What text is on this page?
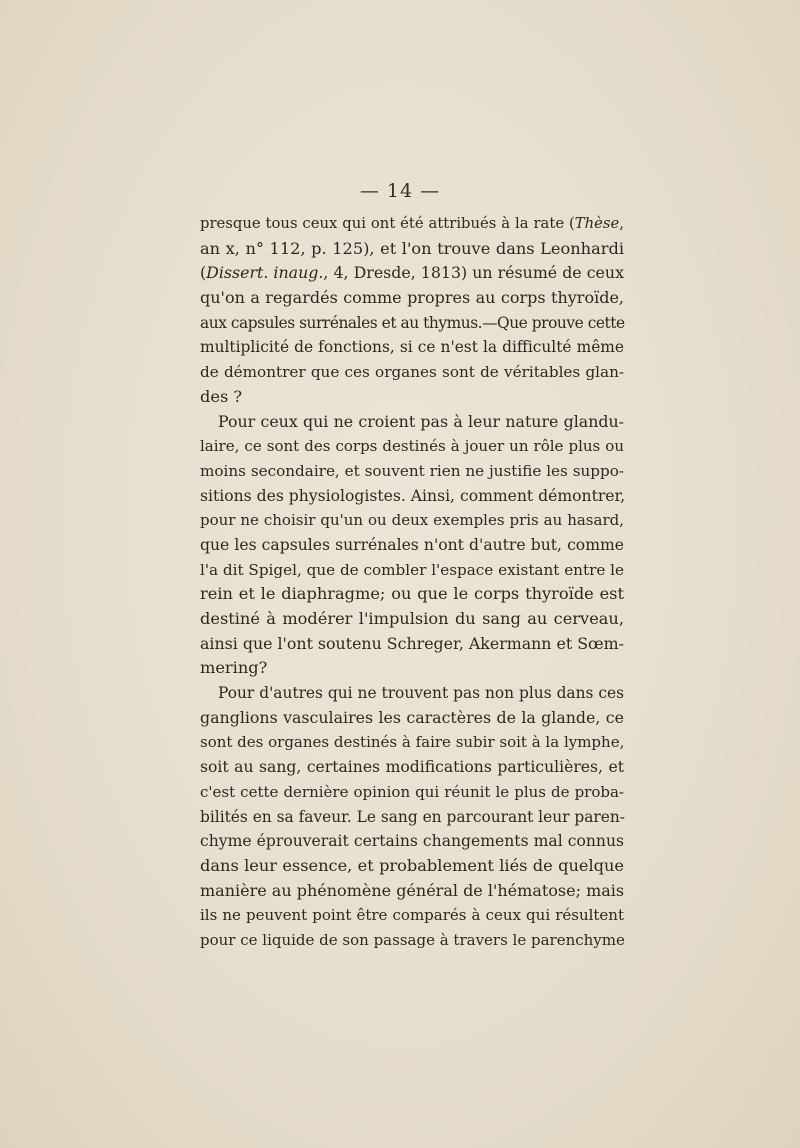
— 14 —
presque tous ceux qui ont été attribués à la rate (Thèse,
an x, n° 112, p. 125), et l'on trouve dans Leonhardi
(Dissert. inaug., 4, Dresde, 1813) un résumé de ceux
qu'on a regardés comme propres au corps thyroïde,
aux capsules surrénales et au thymus.—Que prouve cette
multiplicité de fonctions, si ce n'est la difficulté même
de démontrer que ces organes sont de véritables glan-
des ?
Pour ceux qui ne croient pas à leur nature glandu-
laire, ce sont des corps destinés à jouer un rôle plus ou
moins secondaire, et souvent rien ne justifie les suppo-
sitions des physiologistes. Ainsi, comment démontrer,
pour ne choisir qu'un ou deux exemples pris au hasard,
que les capsules surrénales n'ont d'autre but, comme
l'a dit Spigel, que de combler l'espace existant entre le
rein et le diaphragme; ou que le corps thyroïde est
destiné à modérer l'impulsion du sang au cerveau,
ainsi que l'ont soutenu Schreger, Akermann et Sœm-
mering?
Pour d'autres qui ne trouvent pas non plus dans ces
ganglions vasculaires les caractères de la glande, ce
sont des organes destinés à faire subir soit à la lymphe,
soit au sang, certaines modifications particulières, et
c'est cette dernière opinion qui réunit le plus de proba-
bilités en sa faveur. Le sang en parcourant leur paren-
chyme éprouverait certains changements mal connus
dans leur essence, et probablement liés de quelque
manière au phénomène général de l'hématose; mais
ils ne peuvent point être comparés à ceux qui résultent
pour ce liquide de son passage à travers le parenchyme
